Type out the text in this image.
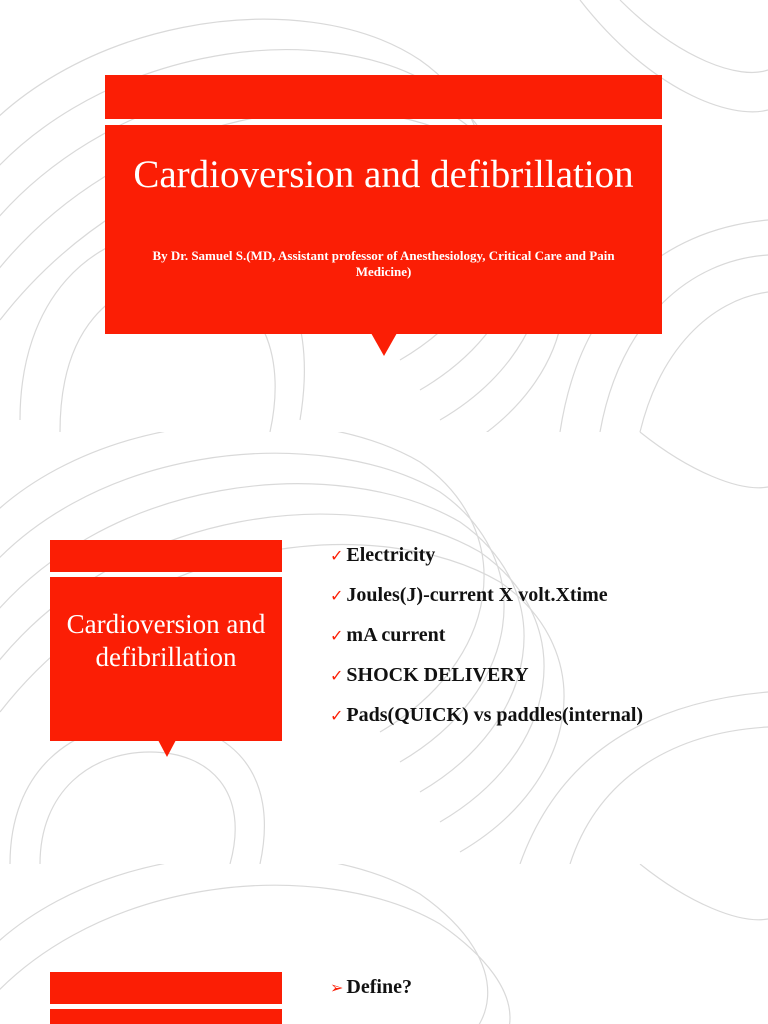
Cardioversion and defibrillation
By Dr. Samuel S.(MD, Assistant professor of Anesthesiology, Critical Care and Pain Medicine)
Cardioversion and defibrillation
✓ Electricity
✓ Joules(J)-current X volt.Xtime
✓ mA current
✓ SHOCK DELIVERY
✓ Pads(QUICK) vs paddles(internal)
➢ Define?
